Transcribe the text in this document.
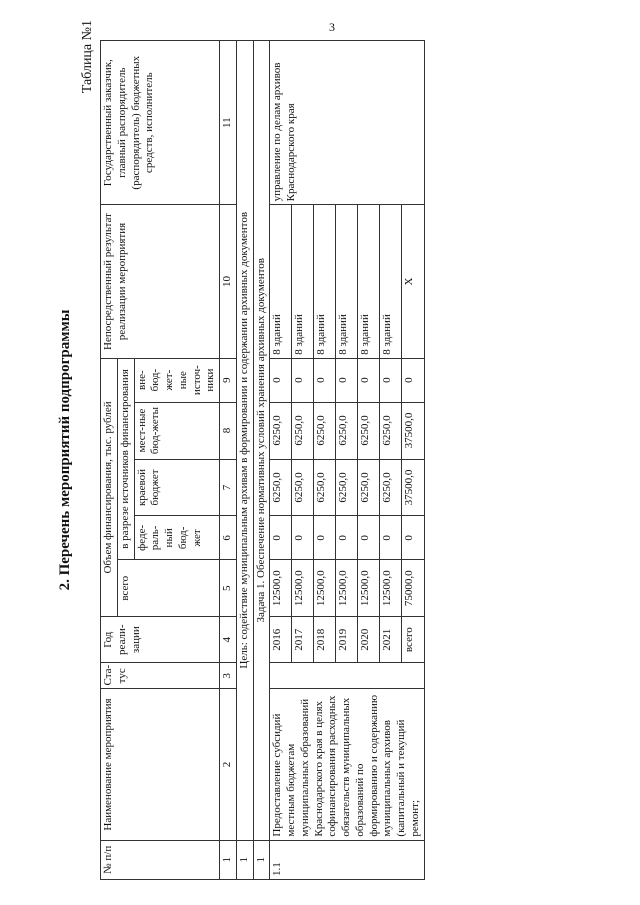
3
2. Перечень мероприятий подпрограммы
Таблица №1
№ п/п	Наименование мероприятия	Ста-тус	Год реали-зации	Объем финансирования, тыс. рублей					Непосредственный результат реализации мероприятия	Государственный заказчик, главный распорядитель (распорядитель) бюджетных средств, исполнитель
				всего	в разрезе источников финансирования					
					феде-раль-ный бюд-жет	краевой бюджет	мест-ные бюд-жеты	вне-бюд-жет-ные источ-ники		
1	2	3	4	5	6	7	8	9	10	11
1	Цель: содействие муниципальным архивам в формировании и содержании архивных документов									
1	Задача 1. Обеспечение нормативных условий хранения архивных документов									
1.1	Предоставление субсидий местным бюджетам муниципальных образований Краснодарского края в целях софинансирования расходных обязательств муниципальных образований по формированию и содержанию муниципальных архивов (капитальный и текущий ремонт;		2016	12500,0	0	6250,0	6250,0	0	8 зданий	управление по делам архивов Краснодарского края
			2017	12500,0	0	6250,0	6250,0	0	8 зданий	
			2018	12500,0	0	6250,0	6250,0	0	8 зданий	
			2019	12500,0	0	6250,0	6250,0	0	8 зданий	
			2020	12500,0	0	6250,0	6250,0	0	8 зданий	
			2021	12500,0	0	6250,0	6250,0	0	8 зданий	
			всего	75000,0	0	37500,0	37500,0	0	Х	
